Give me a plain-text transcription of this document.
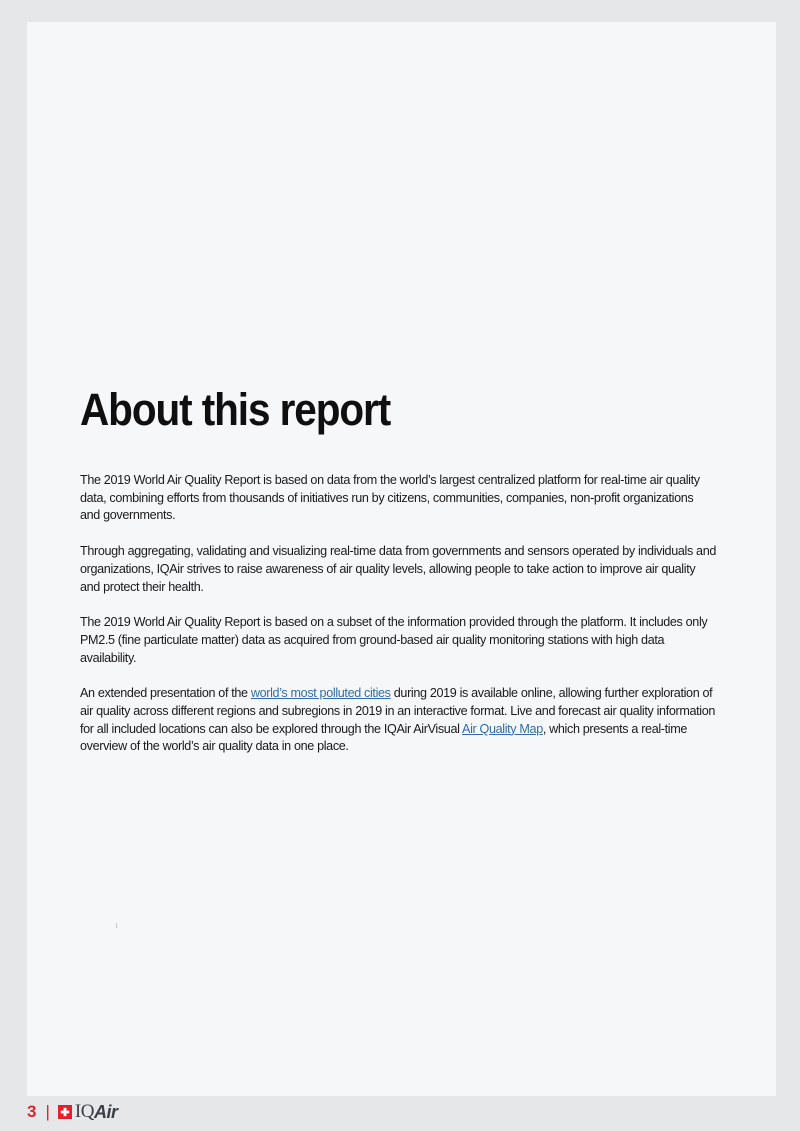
About this report

The 2019 World Air Quality Report is based on data from the world’s largest centralized platform for real-time air quality data, combining efforts from thousands of initiatives run by citizens, communities, companies, non-profit organizations and governments.

Through aggregating, validating and visualizing real-time data from governments and sensors operated by individuals and organizations, IQAir strives to raise awareness of air quality levels, allowing people to take action to improve air quality and protect their health.

The 2019 World Air Quality Report is based on a subset of the information provided through the platform. It includes only PM2.5 (fine particulate matter) data as acquired from ground-based air quality monitoring stations with high data availability.

An extended presentation of the world’s most polluted cities during 2019 is available online, allowing further exploration of air quality across different regions and subregions in 2019 in an interactive format. Live and forecast air quality information for all included locations can also be explored through the IQAir AirVisual Air Quality Map, which presents a real-time overview of the world’s air quality data in one place.

3 | IQ Air
